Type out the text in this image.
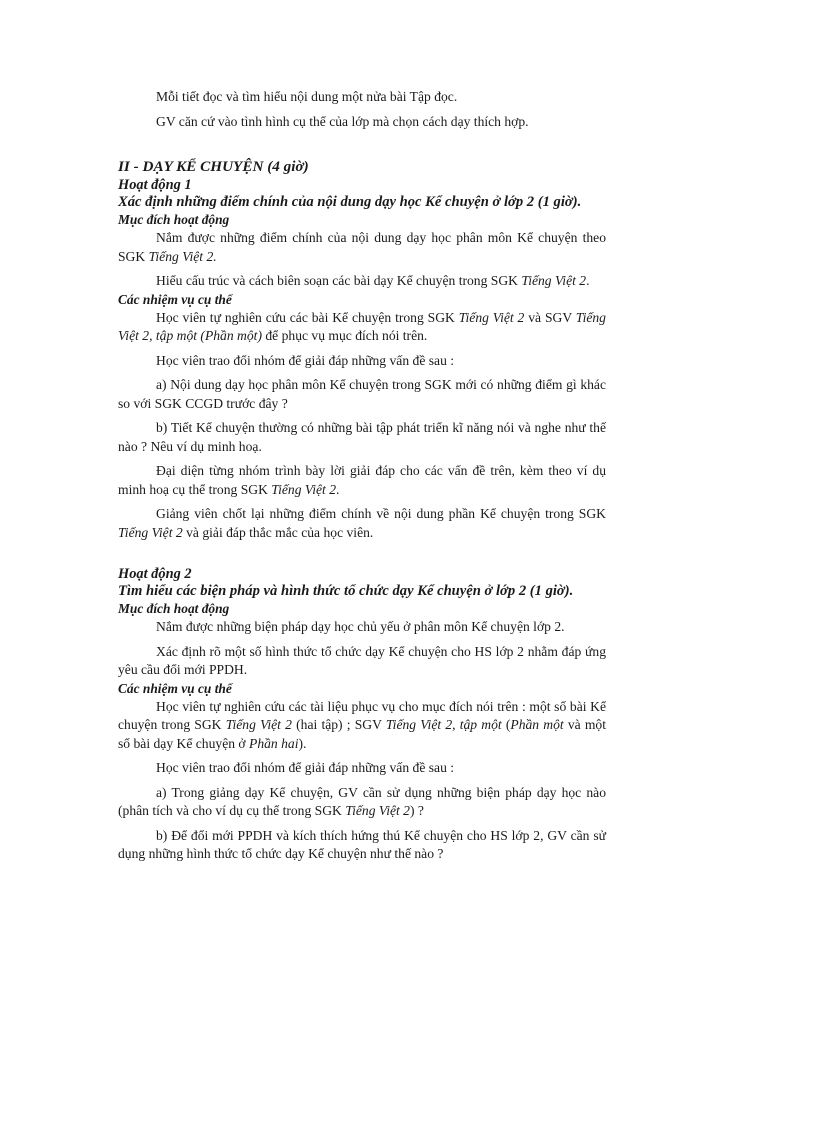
Mỗi tiết đọc và tìm hiểu nội dung một nửa bài Tập đọc.

GV căn cứ vào tình hình cụ thể của lớp mà chọn cách dạy thích hợp.

II - DẠY KỂ CHUYỆN (4 giờ)
Hoạt động 1
Xác định những điểm chính của nội dung dạy học Kể chuyện ở lớp 2 (1 giờ).
Mục đích hoạt động

Nắm được những điểm chính của nội dung dạy học phân môn Kể chuyện theo SGK Tiếng Việt 2.

Hiểu cấu trúc và cách biên soạn các bài dạy Kể chuyện trong SGK Tiếng Việt 2.

Các nhiệm vụ cụ thể

Học viên tự nghiên cứu các bài Kể chuyện trong SGK Tiếng Việt 2 và SGV Tiếng Việt 2, tập một (Phần một) để phục vụ mục đích nói trên.

Học viên trao đổi nhóm để giải đáp những vấn đề sau :

a) Nội dung dạy học phân môn Kể chuyện trong SGK mới có những điểm gì khác so với SGK CCGD trước đây ?

b) Tiết Kể chuyện thường có những bài tập phát triển kĩ năng nói và nghe như thế nào ? Nêu ví dụ minh hoạ.

Đại diện từng nhóm trình bày lời giải đáp cho các vấn đề trên, kèm theo ví dụ minh hoạ cụ thể trong SGK Tiếng Việt 2.

Giảng viên chốt lại những điểm chính về nội dung phần Kể chuyện trong SGK Tiếng Việt 2 và giải đáp thắc mắc của học viên.

Hoạt động 2
Tìm hiểu các biện pháp và hình thức tổ chức dạy Kể chuyện ở lớp 2 (1 giờ).
Mục đích hoạt động

Nắm được những biện pháp dạy học chủ yếu ở phân môn Kể chuyện lớp 2.

Xác định rõ một số hình thức tổ chức dạy Kể chuyện cho HS lớp 2 nhằm đáp ứng yêu cầu đổi mới PPDH.

Các nhiệm vụ cụ thể

Học viên tự nghiên cứu các tài liệu phục vụ cho mục đích nói trên : một số bài Kể chuyện trong SGK Tiếng Việt 2 (hai tập) ; SGV Tiếng Việt 2, tập một (Phần một và một số bài dạy Kể chuyện ở Phần hai).

Học viên trao đổi nhóm để giải đáp những vấn đề sau :

a) Trong giảng dạy Kể chuyện, GV cần sử dụng những biện pháp dạy học nào (phân tích và cho ví dụ cụ thể trong SGK Tiếng Việt 2) ?

b) Để đổi mới PPDH và kích thích hứng thú Kể chuyện cho HS lớp 2, GV cần sử dụng những hình thức tổ chức dạy Kể chuyện như thế nào ?
